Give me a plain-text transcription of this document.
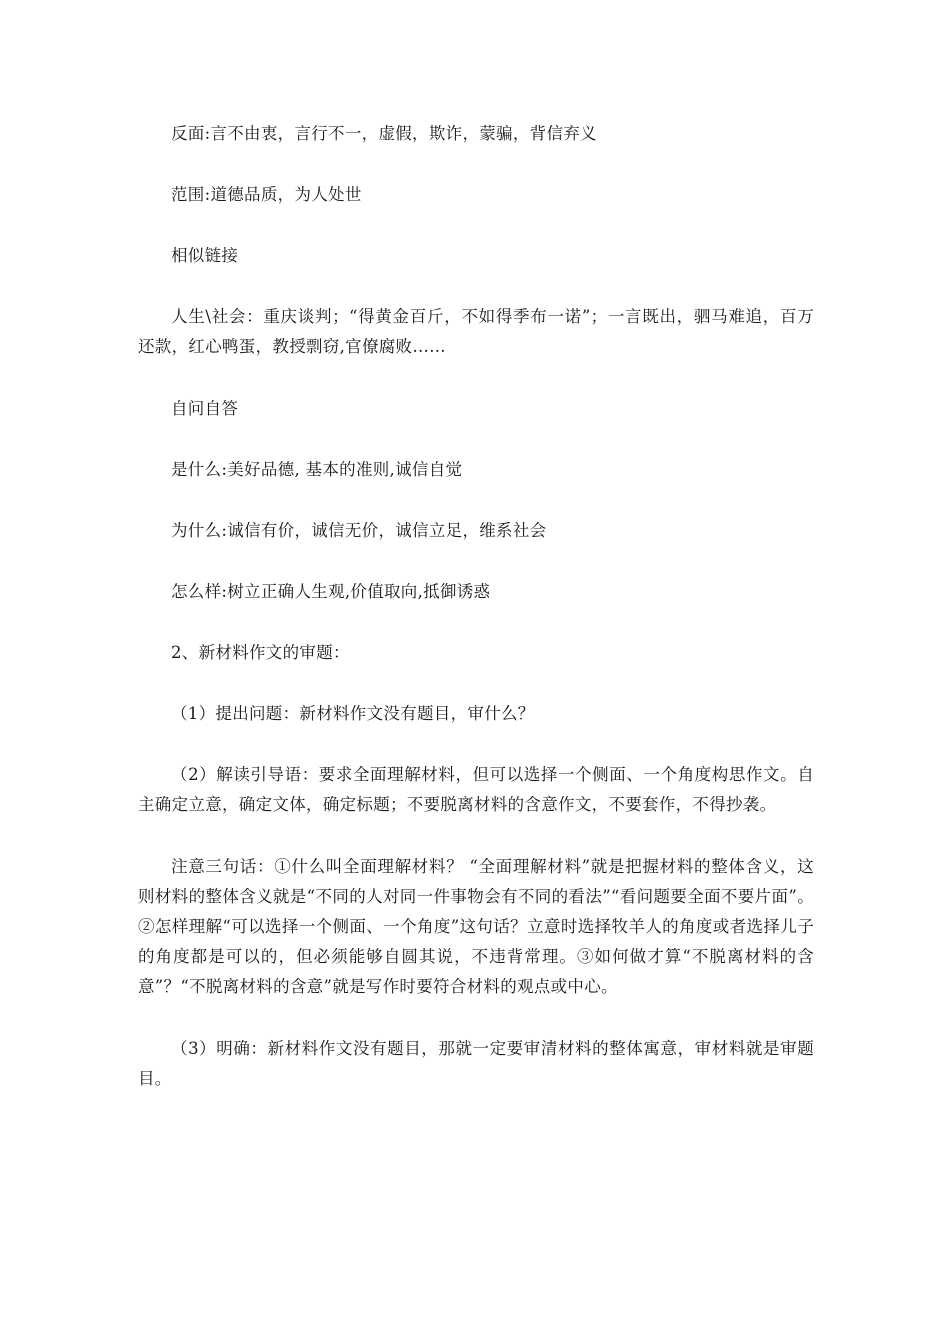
反面:言不由衷，言行不一，虚假，欺诈，蒙骗，背信弃义

范围:道德品质，为人处世

相似链接

人生\社会：重庆谈判；“得黄金百斤，不如得季布一诺”；一言既出，驷马难追，百万还款，红心鸭蛋，教授剽窃,官僚腐败……

自问自答

是什么:美好品德, 基本的准则,诚信自觉

为什么:诚信有价，诚信无价，诚信立足，维系社会

怎么样:树立正确人生观,价值取向,抵御诱惑

2、新材料作文的审题：

（1）提出问题：新材料作文没有题目，审什么？

（2）解读引导语：要求全面理解材料，但可以选择一个侧面、一个角度构思作文。自主确定立意，确定文体，确定标题；不要脱离材料的含意作文，不要套作，不得抄袭。

注意三句话：①什么叫全面理解材料？ “全面理解材料”就是把握材料的整体含义，这则材料的整体含义就是“不同的人对同一件事物会有不同的看法”“看问题要全面不要片面”。②怎样理解“可以选择一个侧面、一个角度”这句话？立意时选择牧羊人的角度或者选择儿子的角度都是可以的，但必须能够自圆其说，不违背常理。③如何做才算“不脱离材料的含意”？“不脱离材料的含意”就是写作时要符合材料的观点或中心。

（3）明确：新材料作文没有题目，那就一定要审清材料的整体寓意，审材料就是审题目。
